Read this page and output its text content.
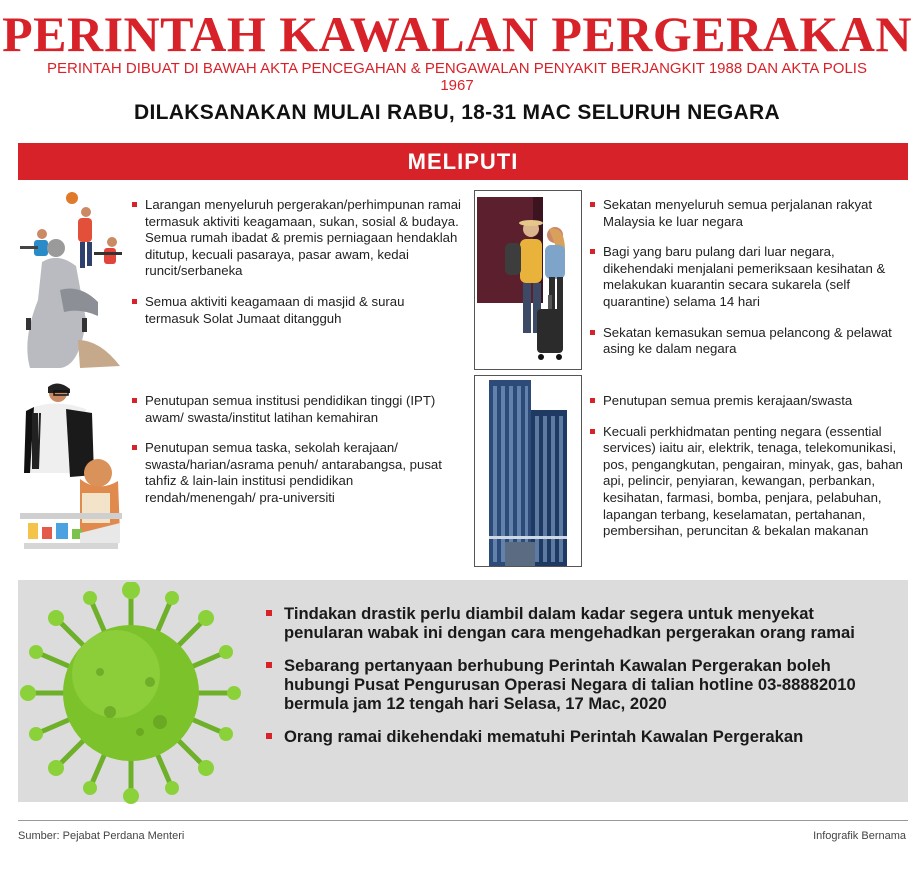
PERINTAH KAWALAN PERGERAKAN
PERINTAH DIBUAT DI BAWAH AKTA PENCEGAHAN & PENGAWALAN PENYAKIT BERJANGKIT 1988 DAN AKTA POLIS 1967
DILAKSANAKAN MULAI RABU, 18-31 MAC SELURUH NEGARA
MELIPUTI
Larangan menyeluruh pergerakan/perhimpunan ramai termasuk aktiviti keagamaan, sukan, sosial & budaya. Semua rumah ibadat & premis perniagaan hendaklah ditutup, kecuali pasaraya, pasar awam, kedai runcit/serbaneka
Semua aktiviti keagamaan di masjid & surau termasuk Solat Jumaat ditangguh
Sekatan menyeluruh semua perjalanan rakyat Malaysia ke luar negara
Bagi yang baru pulang dari luar negara, dikehendaki menjalani pemeriksaan kesihatan & melakukan kuarantin secara sukarela (self quarantine) selama 14 hari
Sekatan kemasukan semua pelancong & pelawat asing ke dalam negara
Penutupan semua institusi pendidikan tinggi (IPT) awam/ swasta/institut latihan kemahiran
Penutupan semua taska, sekolah kerajaan/ swasta/harian/asrama penuh/ antarabangsa, pusat tahfiz & lain-lain institusi pendidikan rendah/menengah/ pra-universiti
Penutupan semua premis kerajaan/swasta
Kecuali perkhidmatan penting negara (essential services) iaitu air, elektrik, tenaga, telekomunikasi, pos, pengangkutan, pengairan, minyak, gas, bahan api, pelincir, penyiaran, kewangan, perbankan, kesihatan, farmasi, bomba, penjara, pelabuhan, lapangan terbang, keselamatan, pertahanan, pembersihan, peruncitan & bekalan makanan
Tindakan drastik perlu diambil dalam kadar segera untuk menyekat penularan wabak ini dengan cara mengehadkan pergerakan orang ramai
Sebarang pertanyaan berhubung Perintah Kawalan Pergerakan boleh hubungi Pusat Pengurusan Operasi Negara di talian hotline 03-88882010 bermula jam 12 tengah hari Selasa, 17 Mac, 2020
Orang ramai dikehendaki mematuhi Perintah Kawalan Pergerakan
Sumber: Pejabat Perdana Menteri	Infografik Bernama
